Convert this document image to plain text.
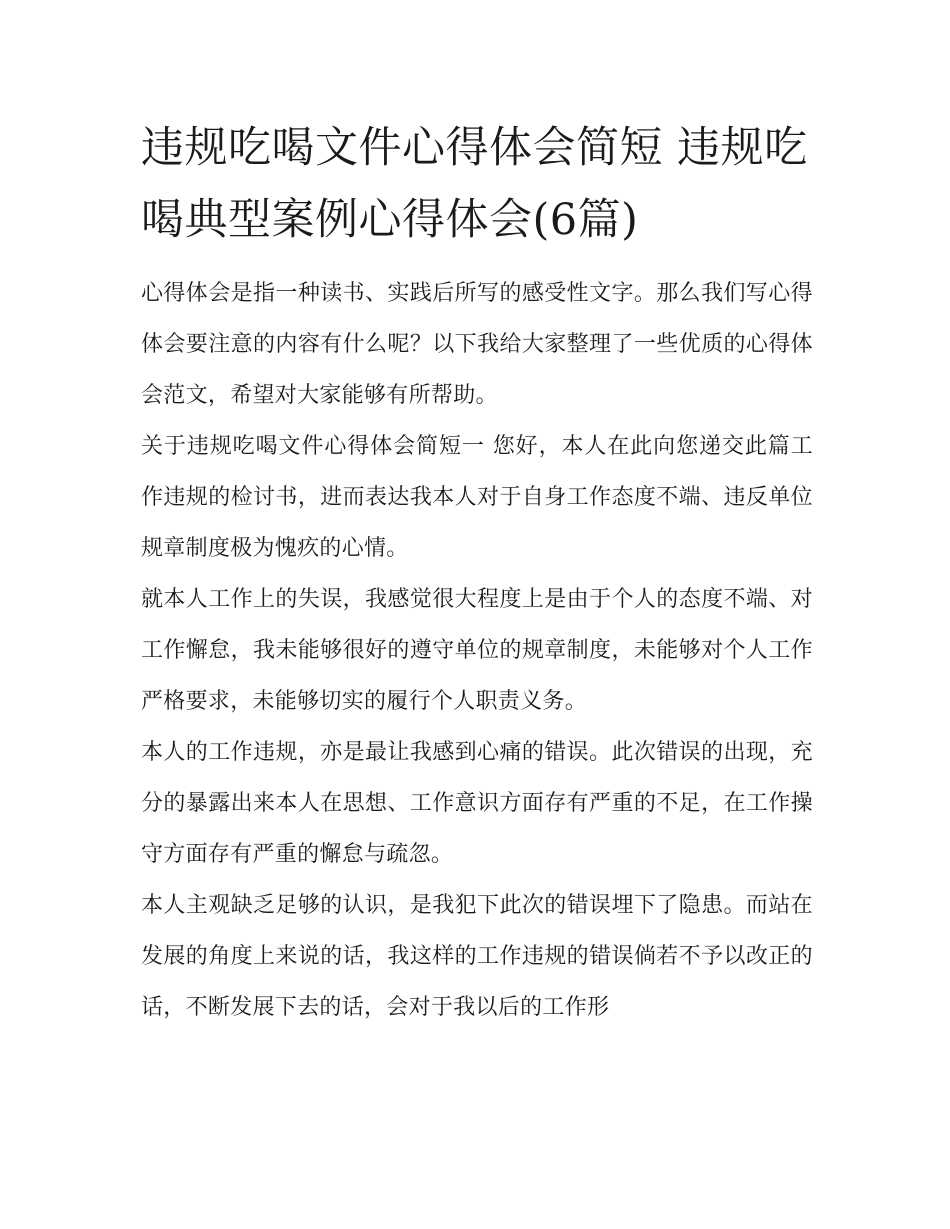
违规吃喝文件心得体会简短 违规吃喝典型案例心得体会(6篇)

心得体会是指一种读书、实践后所写的感受性文字。那么我们写心得体会要注意的内容有什么呢？以下我给大家整理了一些优质的心得体会范文，希望对大家能够有所帮助。

关于违规吃喝文件心得体会简短一 您好，本人在此向您递交此篇工作违规的检讨书，进而表达我本人对于自身工作态度不端、违反单位规章制度极为愧疚的心情。

就本人工作上的失误，我感觉很大程度上是由于个人的态度不端、对工作懈怠，我未能够很好的遵守单位的规章制度，未能够对个人工作严格要求，未能够切实的履行个人职责义务。

本人的工作违规，亦是最让我感到心痛的错误。此次错误的出现，充分的暴露出来本人在思想、工作意识方面存有严重的不足，在工作操守方面存有严重的懈怠与疏忽。

本人主观缺乏足够的认识，是我犯下此次的错误埋下了隐患。而站在发展的角度上来说的话，我这样的工作违规的错误倘若不予以改正的话，不断发展下去的话，会对于我以后的工作形
